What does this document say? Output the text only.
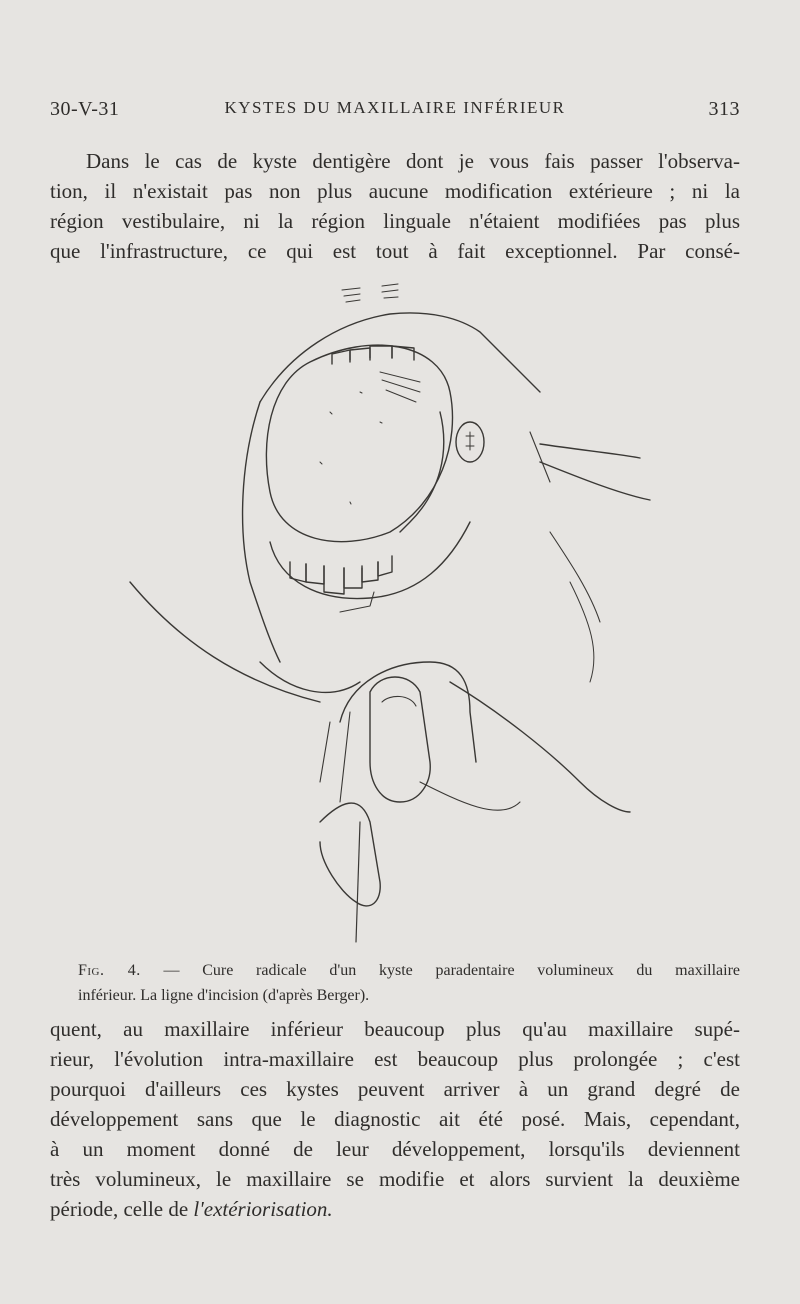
30-V-31	KYSTES DU MAXILLAIRE INFÉRIEUR	313
Dans le cas de kyste dentigère dont je vous fais passer l'observa-
tion, il n'existait pas non plus aucune modification extérieure ; ni la
région vestibulaire, ni la région linguale n'étaient modifiées pas plus
que l'infrastructure, ce qui est tout à fait exceptionnel. Par consé-
Fig. 4. — Cure radicale d'un kyste paradentaire volumineux du maxillaire
inférieur. La ligne d'incision (d'après Berger).
quent, au maxillaire inférieur beaucoup plus qu'au maxillaire supé-
rieur, l'évolution intra-maxillaire est beaucoup plus prolongée ; c'est
pourquoi d'ailleurs ces kystes peuvent arriver à un grand degré de
développement sans que le diagnostic ait été posé. Mais, cependant,
à un moment donné de leur développement, lorsqu'ils deviennent
très volumineux, le maxillaire se modifie et alors survient la deuxième
période, celle de l'extériorisation.
